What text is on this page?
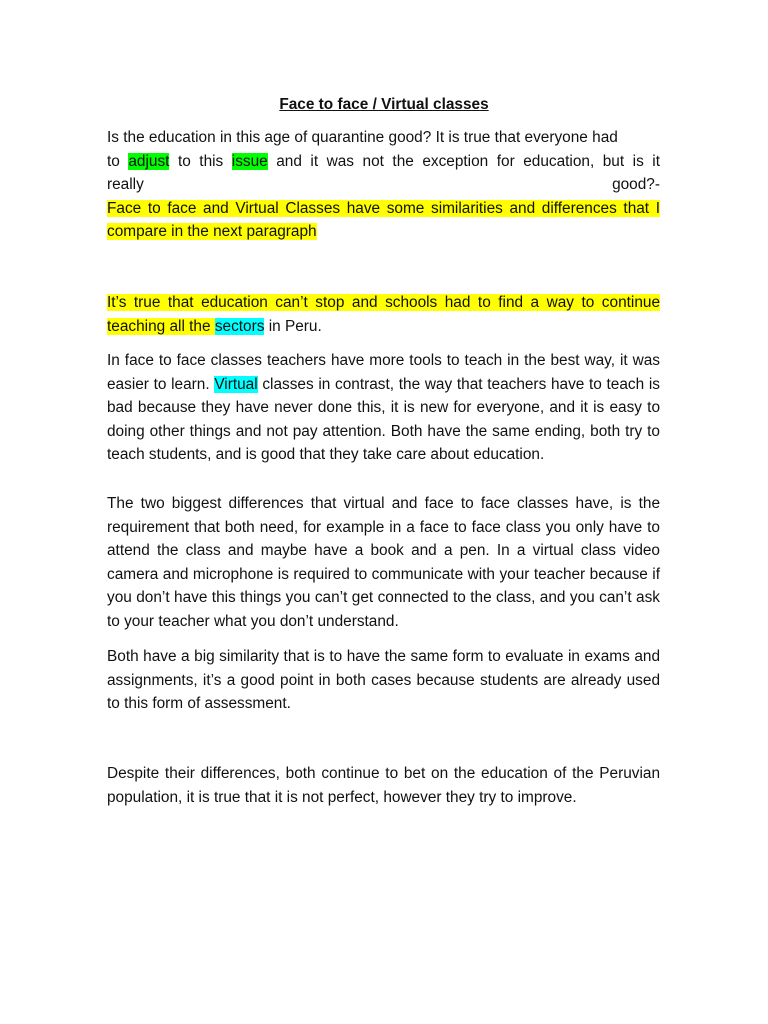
Face to face / Virtual classes
Is the education in this age of quarantine good? It is true that everyone had
to adjust to this issue and it was not the exception for education, but is it
really	good?-

Face to face and Virtual Classes have some similarities and differences that I compare in the next paragraph

It’s true that education can’t stop and schools had to find a way to continue teaching all the sectors in Peru.
In face to face classes teachers have more tools to teach in the best way, it was easier to learn. Virtual classes in contrast, the way that teachers have to teach is bad because they have never done this, it is new for everyone, and it is easy to doing other things and not pay attention. Both have the same ending, both try to teach students, and is good that they take care about education.
The two biggest differences that virtual and face to face classes have, is the requirement that both need, for example in a face to face class you only have to attend the class and maybe have a book and a pen. In a virtual class video camera and microphone is required to communicate with your teacher because if you don’t have this things you can’t get connected to the class, and you can’t ask to your teacher what you don’t understand.
Both have a big similarity that is to have the same form to evaluate in exams and assignments, it’s a good point in both cases because students are already used to this form of assessment.
Despite their differences, both continue to bet on the education of the Peruvian population, it is true that it is not perfect, however they try to improve.
